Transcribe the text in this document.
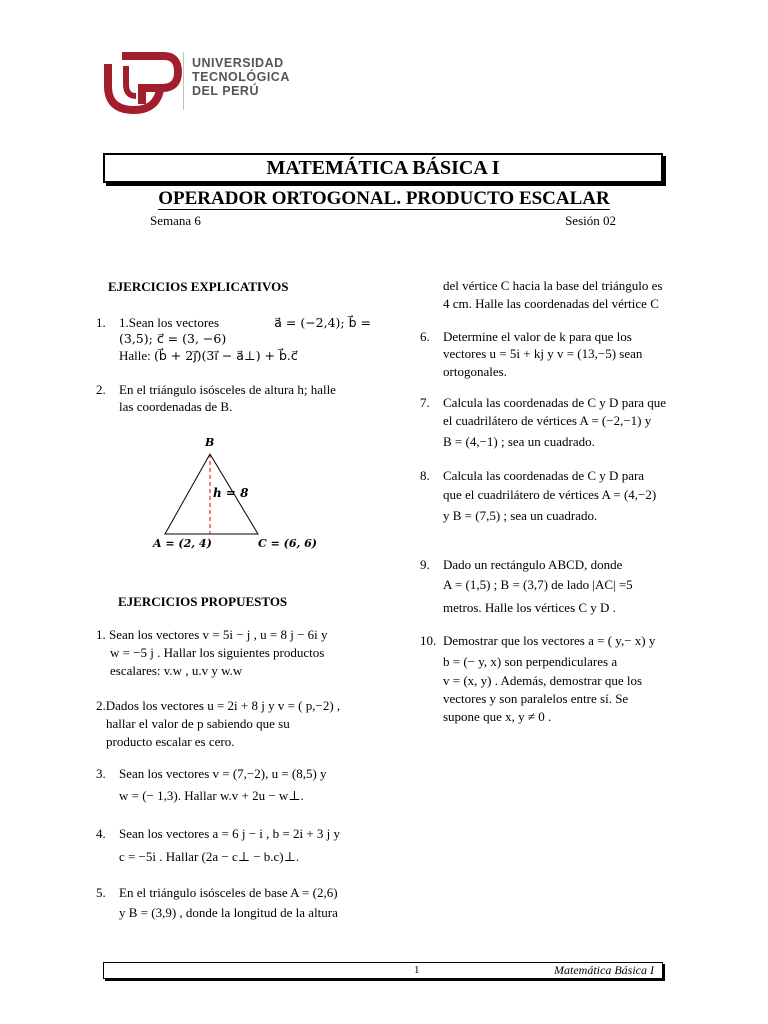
UNIVERSIDAD
TECNOLÓGICA
DEL PERÚ
MATEMÁTICA BÁSICA I
OPERADOR ORTOGONAL. PRODUCTO ESCALAR
Semana 6	Sesión 02
EJERCICIOS EXPLICATIVOS
1. 1.Sean los vectores	a⃗ = (−2,4); b⃗ =
(3,5); c⃗ = (3, −6)
Halle: (b⃗ + 2j⃗)(3i⃗ − a⃗⊥) + b⃗.c⃗
2. En el triángulo isósceles de altura h; halle
las coordenadas de B.
B
h = 8
A = (2, 4)	C = (6, 6)
EJERCICIOS PROPUESTOS
1. Sean los vectores v = 5i − j , u = 8 j − 6i y
w = −5 j . Hallar los siguientes productos
escalares: v.w , u.v y w.w
2.Dados los vectores u = 2i + 8 j y v = ( p,−2) ,
hallar el valor de p sabiendo que su
producto escalar es cero.
3. Sean los vectores v = (7,−2), u = (8,5) y
w = (− 1,3). Hallar w.v + 2u − w⊥.
4. Sean los vectores a = 6 j − i , b = 2i + 3 j y
c = −5i . Hallar (2a − c⊥ − b.c)⊥.
5. En el triángulo isósceles de base A = (2,6)
y B = (3,9) , donde la longitud de la altura
del vértice C hacia la base del triángulo es
4 cm. Halle las coordenadas del vértice C
6. Determine el valor de k para que los
vectores u = 5i + kj y v = (13,−5) sean
ortogonales.
7. Calcula las coordenadas de C y D para que
el cuadrilátero de vértices A = (−2,−1) y
B = (4,−1) ; sea un cuadrado.
8. Calcula las coordenadas de C y D para
que el cuadrilátero de vértices A = (4,−2)
y B = (7,5) ; sea un cuadrado.
9. Dado un rectángulo ABCD, donde
A = (1,5) ; B = (3,7) de lado |AC| =5
metros. Halle los vértices C y D .
10. Demostrar que los vectores a = ( y,− x) y
b = (− y, x) son perpendiculares a
v = (x, y) . Además, demostrar que los
vectores y son paralelos entre sí. Se
supone que x, y ≠ 0 .
1	Matemática Básica I
